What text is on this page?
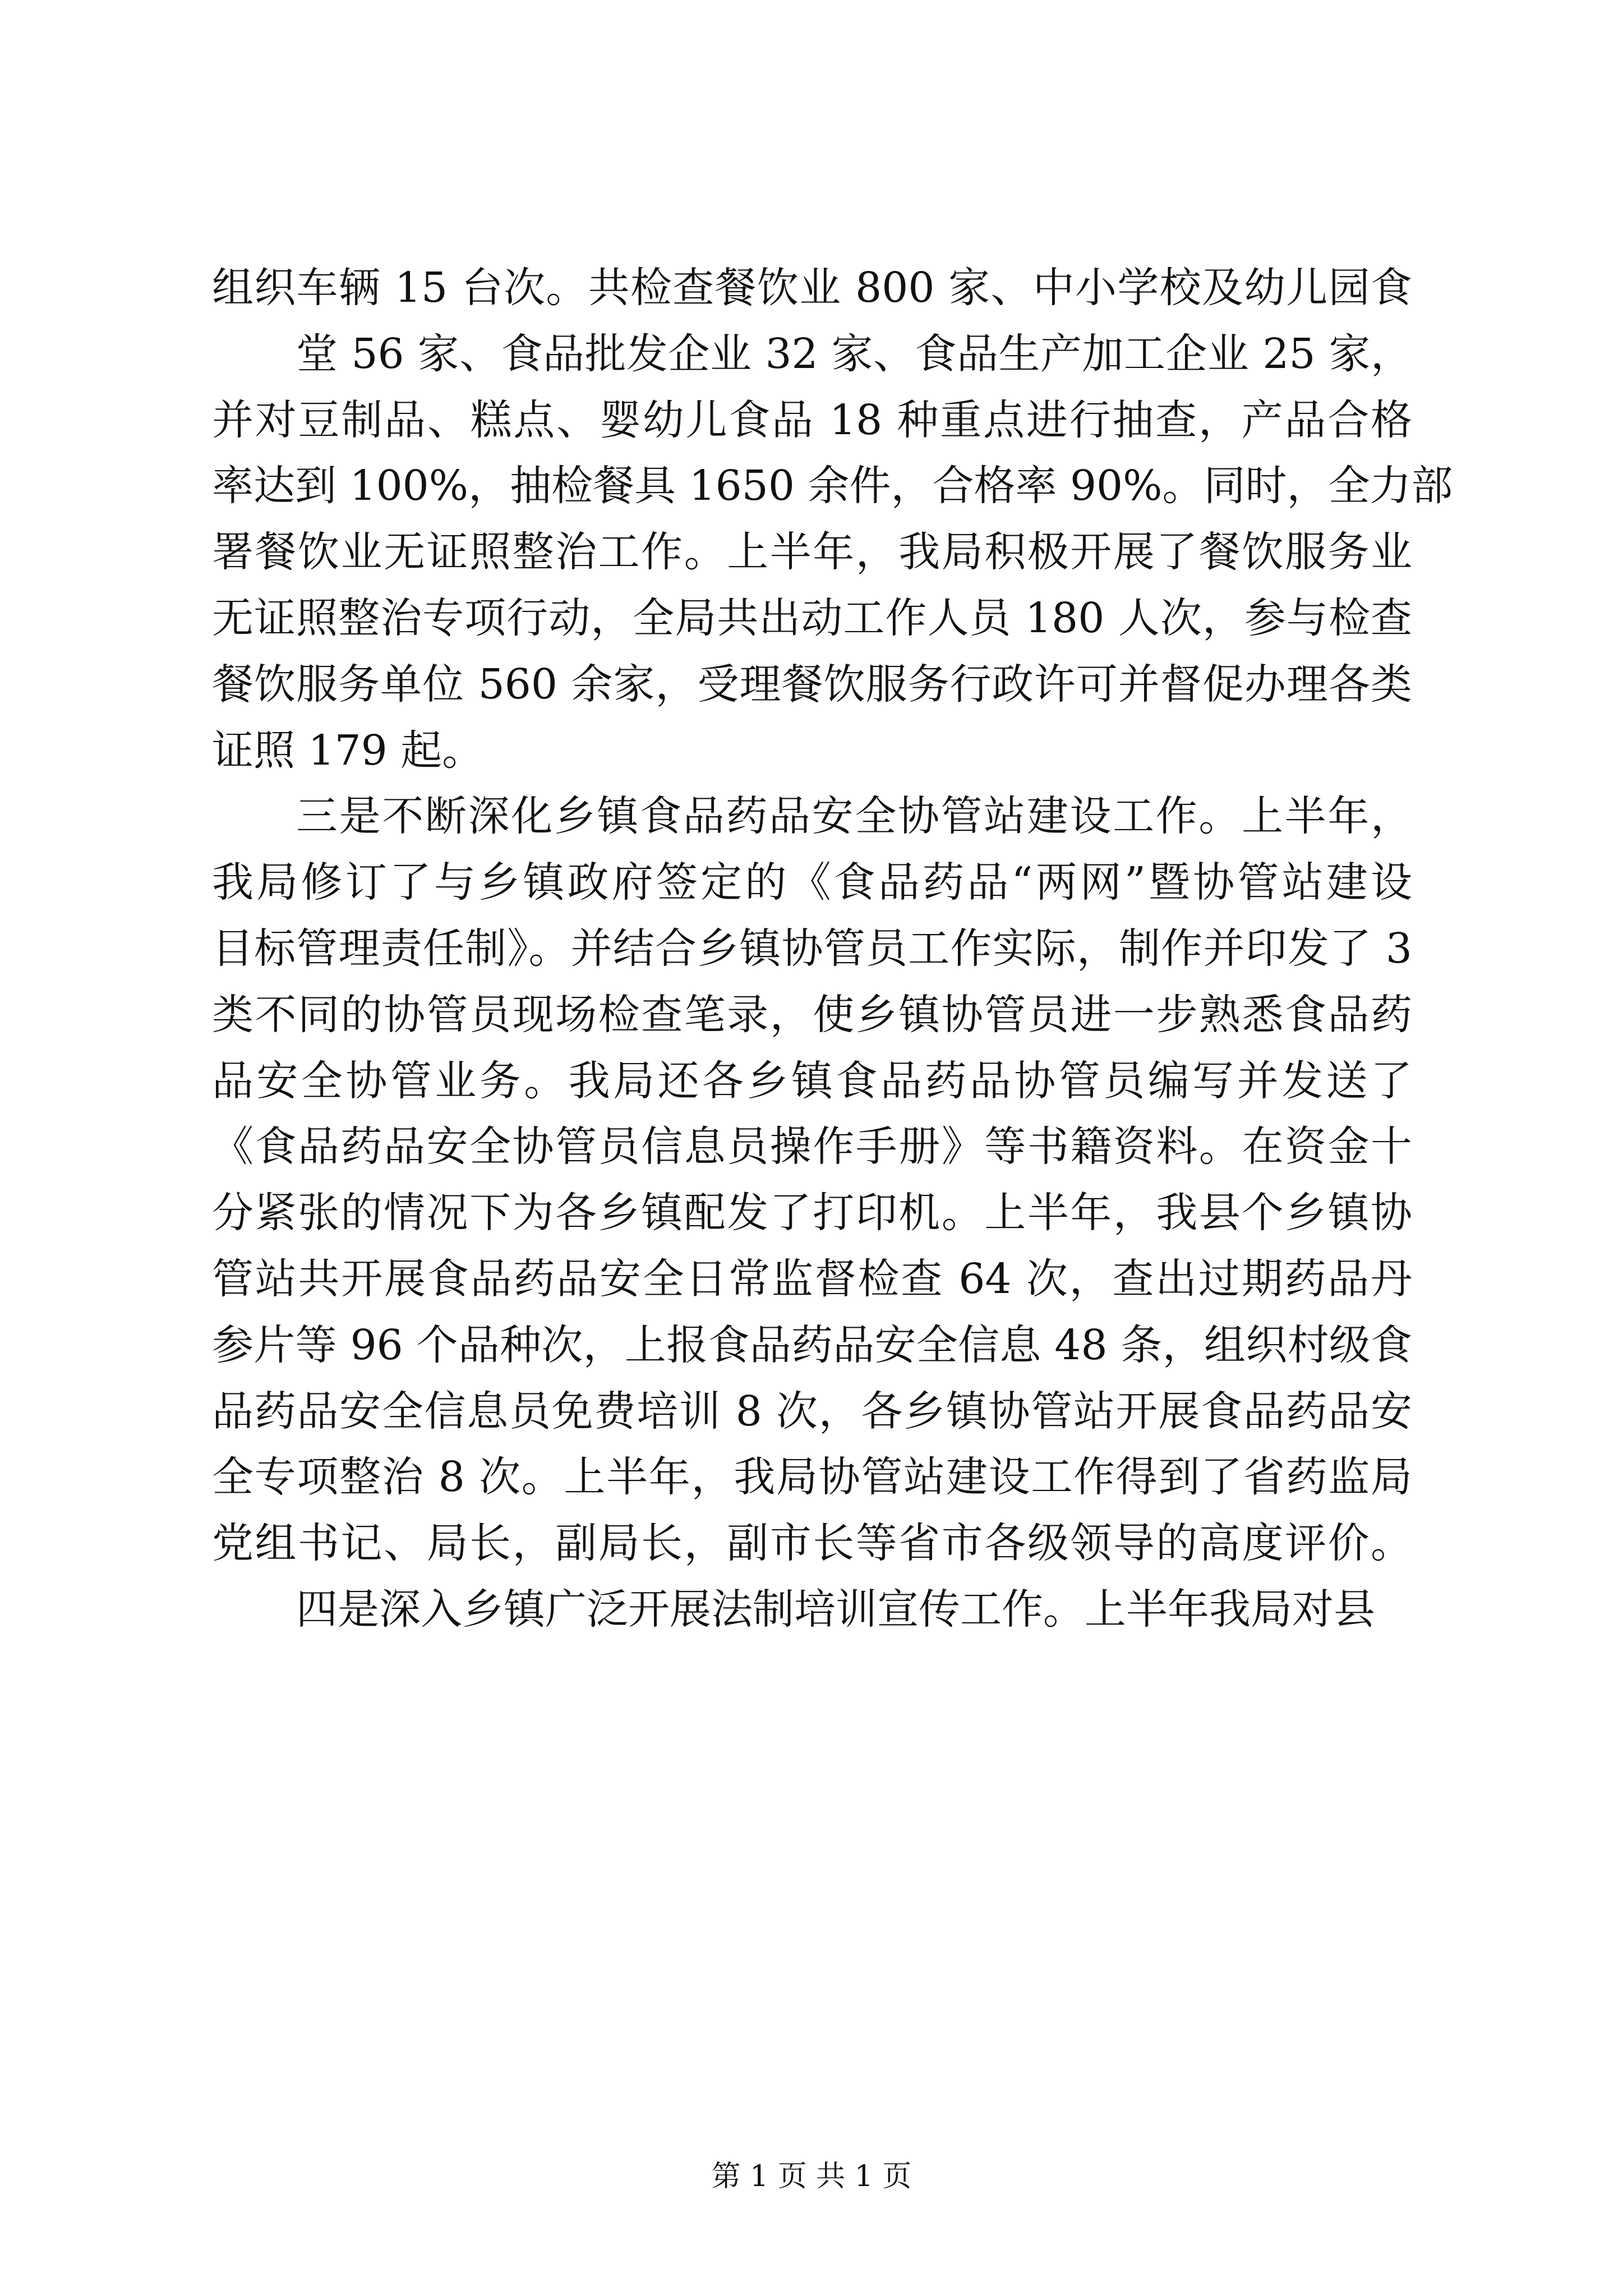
组织车辆 15 台次。共检查餐饮业 800 家、中小学校及幼儿园食
堂 56 家、食品批发企业 32 家、食品生产加工企业 25 家，
并对豆制品、糕点、婴幼儿食品 18 种重点进行抽查，产品合格
率达到 100%，抽检餐具 1650 余件，合格率 90%。同时，全力部
署餐饮业无证照整治工作。上半年，我局积极开展了餐饮服务业
无证照整治专项行动，全局共出动工作人员 180 人次，参与检查
餐饮服务单位 560 余家，受理餐饮服务行政许可并督促办理各类
证照 179 起。
三是不断深化乡镇食品药品安全协管站建设工作。上半年，
我局修订了与乡镇政府签定的《食品药品“两网”暨协管站建设
目标管理责任制》。并结合乡镇协管员工作实际，制作并印发了 3
类不同的协管员现场检查笔录，使乡镇协管员进一步熟悉食品药
品安全协管业务。我局还各乡镇食品药品协管员编写并发送了
《食品药品安全协管员信息员操作手册》等书籍资料。在资金十
分紧张的情况下为各乡镇配发了打印机。上半年，我县个乡镇协
管站共开展食品药品安全日常监督检查 64 次，查出过期药品丹
参片等 96 个品种次，上报食品药品安全信息 48 条，组织村级食
品药品安全信息员免费培训 8 次，各乡镇协管站开展食品药品安
全专项整治 8 次。上半年，我局协管站建设工作得到了省药监局
党组书记、局长，副局长，副市长等省市各级领导的高度评价。
四是深入乡镇广泛开展法制培训宣传工作。上半年我局对县
第 1 页 共 1 页
